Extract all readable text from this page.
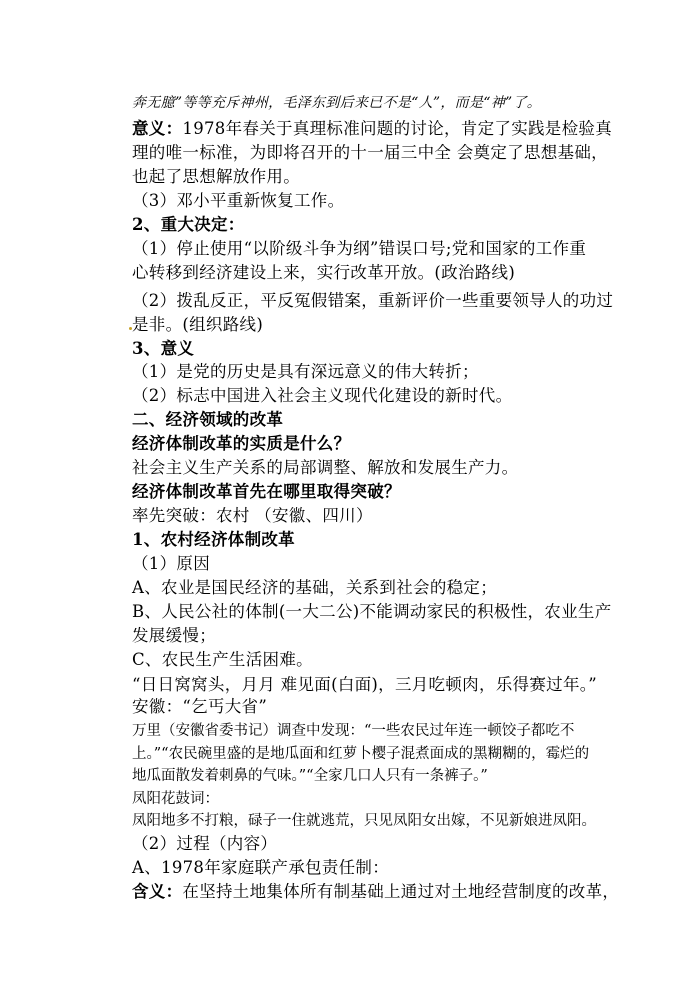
奔无臆”等等充斥神州，毛泽东到后来已不是“人”，而是“神”了。
意义：1978年春关于真理标准问题的讨论，肯定了实践是检验真
理的唯一标准，为即将召开的十一届三中全 会奠定了思想基础，
也起了思想解放作用。
（3）邓小平重新恢复工作。
2、重大决定：
（1）停止使用“以阶级斗争为纲”错误口号;党和国家的工作重
心转移到经济建设上来，实行改革开放。(政治路线)
（2）拨乱反正，平反冤假错案，重新评价一些重要领导人的功过
是非。(组织路线)
3、意义
（1）是党的历史是具有深远意义的伟大转折；
（2）标志中国进入社会主义现代化建设的新时代。
二、经济领域的改革
经济体制改革的实质是什么？
社会主义生产关系的局部调整、解放和发展生产力。
经济体制改革首先在哪里取得突破？
率先突破：农村 （安徽、四川）
1、农村经济体制改革
（1）原因
A、农业是国民经济的基础，关系到社会的稳定；
B、人民公社的体制(一大二公)不能调动家民的积极性，农业生产
发展缓慢；
C、农民生产生活困难。
“日日窝窝头，月月 难见面(白面)，三月吃顿肉，乐得赛过年。”
安徽：“乞丐大省”
万里（安徽省委书记）调查中发现：“一些农民过年连一顿饺子都吃不
上。”“农民碗里盛的是地瓜面和红萝卜樱子混煮面成的黑糊糊的，霉烂的
地瓜面散发着刺鼻的气味。”“全家几口人只有一条裤子。”
凤阳花鼓词：
凤阳地多不打粮，碌子一住就逃荒，只见凤阳女出嫁，不见新娘进凤阳。
（2）过程（内容）
A、1978年家庭联产承包责任制：
含义：在坚持土地集体所有制基础上通过对土地经营制度的改革，
